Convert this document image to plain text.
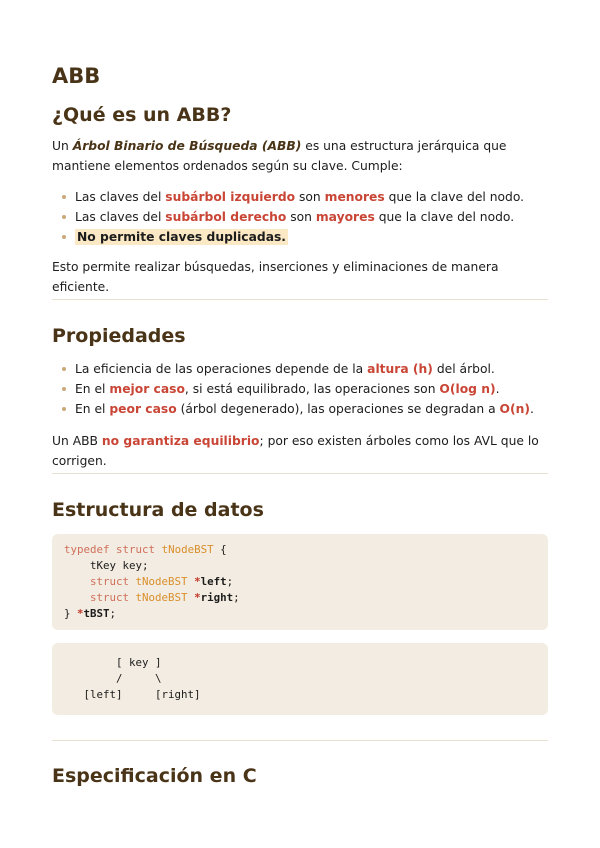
ABB
¿Qué es un ABB?

Un Árbol Binario de Búsqueda (ABB) es una estructura jerárquica que mantiene elementos ordenados según su clave. Cumple:

Las claves del subárbol izquierdo son menores que la clave del nodo.
Las claves del subárbol derecho son mayores que la clave del nodo.
No permite claves duplicadas.

Esto permite realizar búsquedas, inserciones y eliminaciones de manera eficiente.

Propiedades
La eficiencia de las operaciones depende de la altura (h) del árbol.
En el mejor caso, si está equilibrado, las operaciones son O(log n).
En el peor caso (árbol degenerado), las operaciones se degradan a O(n).

Un ABB no garantiza equilibrio; por eso existen árboles como los AVL que lo corrigen.

Estructura de datos
typedef struct tNodeBST {
tKey key;
struct tNodeBST *left;
struct tNodeBST *right;
} *tBST;
[ key ]
/     \
[left]     [right]
Especificación en C
